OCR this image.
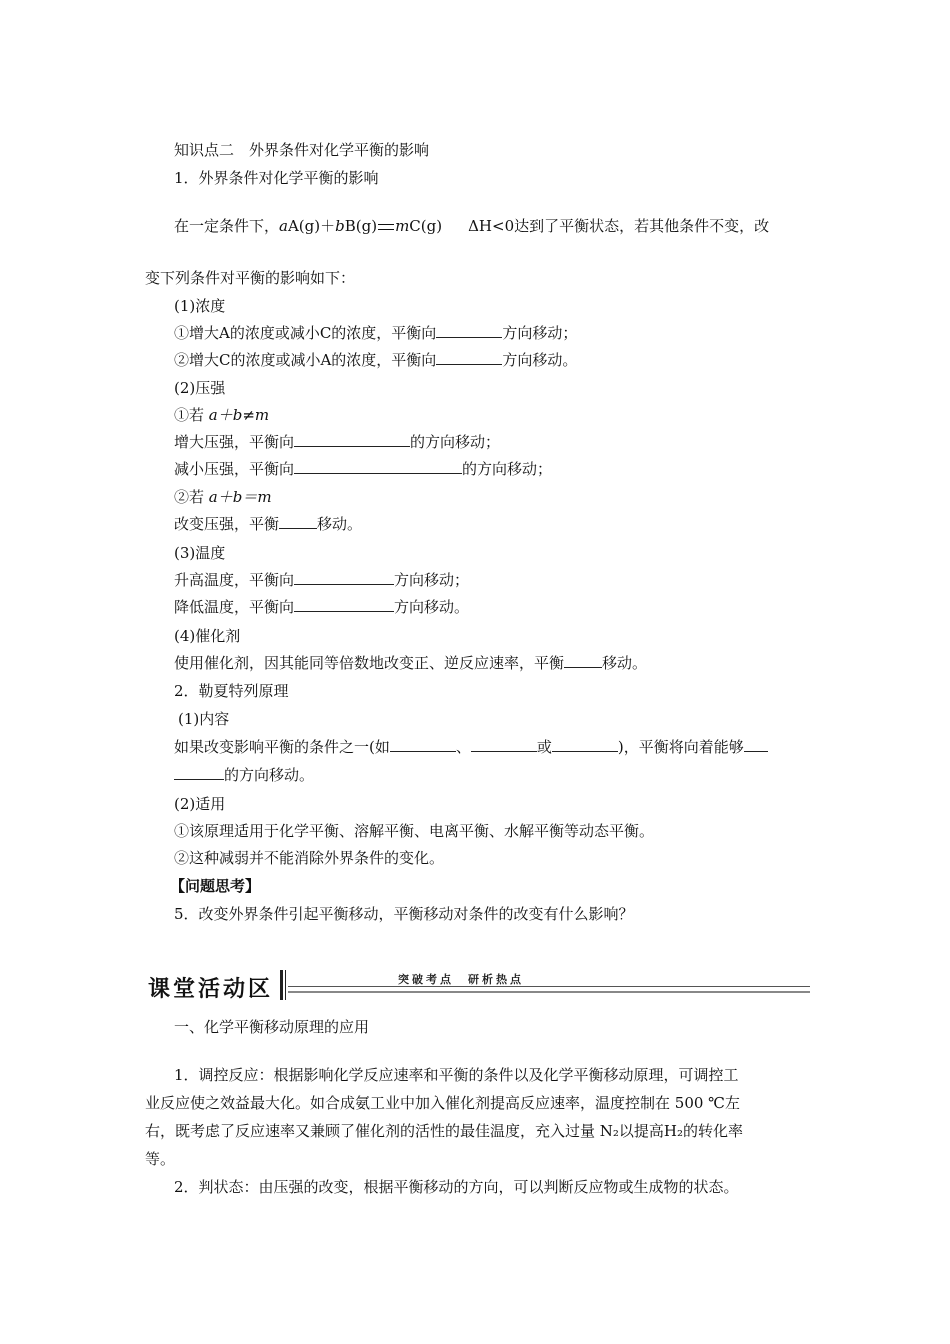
知识点二　外界条件对化学平衡的影响
1．外界条件对化学平衡的影响
在一定条件下，aA(g)＋bB(g) mC(g) ΔH<0达到了平衡状态，若其他条件不变，改
变下列条件对平衡的影响如下：
(1)浓度
①增大A的浓度或减小C的浓度，平衡向	方向移动；
②增大C的浓度或减小A的浓度，平衡向	方向移动。
(2)压强
①若 a＋b≠m
增大压强，平衡向	的方向移动；
减小压强，平衡向	的方向移动；
②若 a＋b＝m
改变压强，平衡	移动。
(3)温度
升高温度，平衡向	方向移动；
降低温度，平衡向	方向移动。
(4)催化剂
使用催化剂，因其能同等倍数地改变正、逆反应速率，平衡	移动。
2．勒夏特列原理
(1)内容
如果改变影响平衡的条件之一(如	、	或	)，平衡将向着能够
的方向移动。
(2)适用
①该原理适用于化学平衡、溶解平衡、电离平衡、水解平衡等动态平衡。
②这种减弱并不能消除外界条件的变化。
【问题思考】
5．改变外界条件引起平衡移动，平衡移动对条件的改变有什么影响？
课堂活动区	突破考点　研析热点
一、化学平衡移动原理的应用
1．调控反应：根据影响化学反应速率和平衡的条件以及化学平衡移动原理，可调控工
业反应使之效益最大化。如合成氨工业中加入催化剂提高反应速率，温度控制在 500 ℃左
右，既考虑了反应速率又兼顾了催化剂的活性的最佳温度，充入过量 N₂以提高H₂的转化率
等。
2．判状态：由压强的改变，根据平衡移动的方向，可以判断反应物或生成物的状态。
